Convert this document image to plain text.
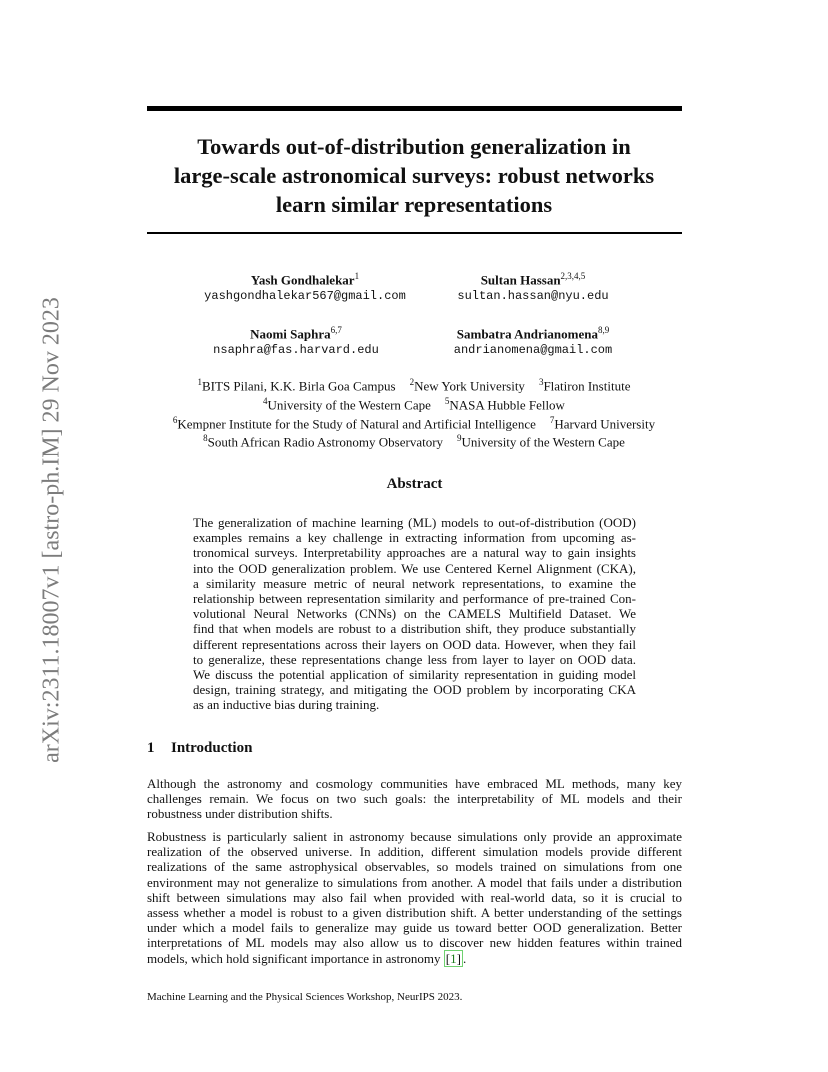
arXiv:2311.18007v1 [astro-ph.IM] 29 Nov 2023
Towards out-of-distribution generalization in
large-scale astronomical surveys: robust networks
learn similar representations
Yash Gondhalekar$^1$
yashgondhalekar567@gmail.com
Sultan Hassan$^{2,3,4,5}$
sultan.hassan@nyu.edu
Naomi Saphra$^{6,7}$
nsaphra@fas.harvard.edu
Sambatra Andrianomena$^{8,9}$
andrianomena@gmail.com
$^1$BITS Pilani, K.K. Birla Goa Campus $^2$New York University $^3$Flatiron Institute
$^4$University of the Western Cape $^5$NASA Hubble Fellow
$^6$Kempner Institute for the Study of Natural and Artificial Intelligence $^7$Harvard University
$^8$South African Radio Astronomy Observatory $^9$University of the Western Cape
Abstract
The generalization of machine learning (ML) models to out-of-distribution (OOD)
examples remains a key challenge in extracting information from upcoming as-
tronomical surveys. Interpretability approaches are a natural way to gain insights
into the OOD generalization problem. We use Centered Kernel Alignment (CKA),
a similarity measure metric of neural network representations, to examine the
relationship between representation similarity and performance of pre-trained Con-
volutional Neural Networks (CNNs) on the CAMELS Multifield Dataset. We
find that when models are robust to a distribution shift, they produce substantially
different representations across their layers on OOD data. However, when they fail
to generalize, these representations change less from layer to layer on OOD data.
We discuss the potential application of similarity representation in guiding model
design, training strategy, and mitigating the OOD problem by incorporating CKA
as an inductive bias during training.
1 Introduction
Although the astronomy and cosmology communities have embraced ML methods, many key
challenges remain. We focus on two such goals: the interpretability of ML models and their
robustness under distribution shifts.
Robustness is particularly salient in astronomy because simulations only provide an approximate
realization of the observed universe. In addition, different simulation models provide different
realizations of the same astrophysical observables, so models trained on simulations from one
environment may not generalize to simulations from another. A model that fails under a distribution
shift between simulations may also fail when provided with real-world data, so it is crucial to
assess whether a model is robust to a given distribution shift. A better understanding of the settings
under which a model fails to generalize may guide us toward better OOD generalization. Better
interpretations of ML models may also allow us to discover new hidden features within trained
models, which hold significant importance in astronomy [1] .
Machine Learning and the Physical Sciences Workshop, NeurIPS 2023.
